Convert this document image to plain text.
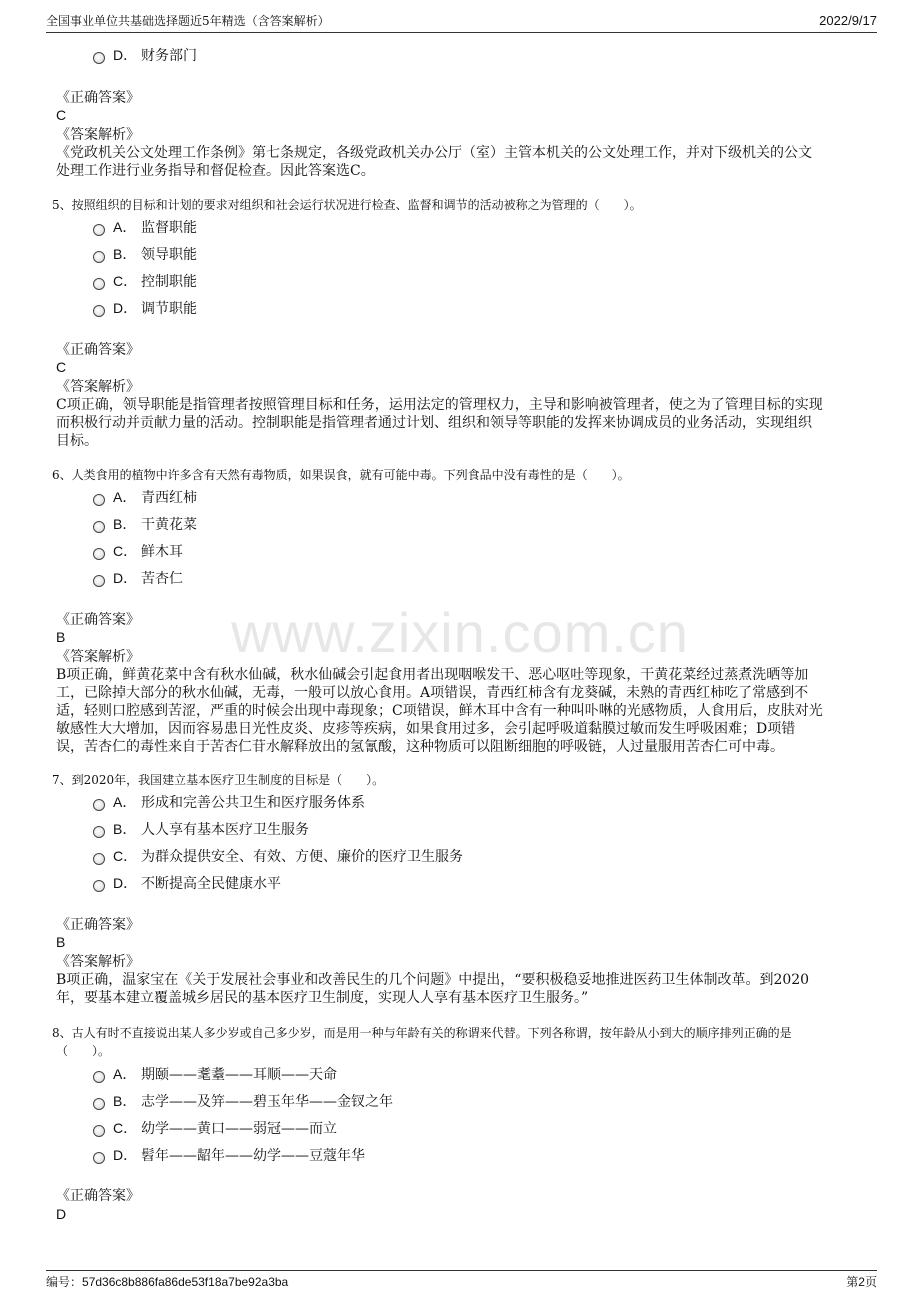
全国事业单位共基础选择题近5年精选（含答案解析）	2022/9/17
www.zixin.com.cn
D． 财务部门
《正确答案》
C
《答案解析》
《党政机关公文处理工作条例》第七条规定，各级党政机关办公厅（室）主管本机关的公文处理工作，并对下级机关的公文
处理工作进行业务指导和督促检查。因此答案选C。
5、按照组织的目标和计划的要求对组织和社会运行状况进行检查、监督和调节的活动被称之为管理的（　　）。
A． 监督职能
B． 领导职能
C． 控制职能
D． 调节职能
《正确答案》
C
《答案解析》
C项正确，领导职能是指管理者按照管理目标和任务，运用法定的管理权力，主导和影响被管理者，使之为了管理目标的实现
而积极行动并贡献力量的活动。控制职能是指管理者通过计划、组织和领导等职能的发挥来协调成员的业务活动，实现组织
目标。
6、人类食用的植物中许多含有天然有毒物质，如果误食，就有可能中毒。下列食品中没有毒性的是（　　）。
A． 青西红柿
B． 干黄花菜
C． 鲜木耳
D． 苦杏仁
《正确答案》
B
《答案解析》
B项正确，鲜黄花菜中含有秋水仙碱，秋水仙碱会引起食用者出现咽喉发干、恶心呕吐等现象，干黄花菜经过蒸煮洗晒等加
工，已除掉大部分的秋水仙碱，无毒，一般可以放心食用。A项错误，青西红柿含有龙葵碱，未熟的青西红柿吃了常感到不
适，轻则口腔感到苦涩，严重的时候会出现中毒现象；C项错误，鲜木耳中含有一种叫卟啉的光感物质，人食用后，皮肤对光
敏感性大大增加，因而容易患日光性皮炎、皮疹等疾病，如果食用过多，会引起呼吸道黏膜过敏而发生呼吸困难；D项错
误，苦杏仁的毒性来自于苦杏仁苷水解释放出的氢氰酸，这种物质可以阻断细胞的呼吸链，人过量服用苦杏仁可中毒。
7、到2020年，我国建立基本医疗卫生制度的目标是（　　）。
A． 形成和完善公共卫生和医疗服务体系
B． 人人享有基本医疗卫生服务
C． 为群众提供安全、有效、方便、廉价的医疗卫生服务
D． 不断提高全民健康水平
《正确答案》
B
《答案解析》
B项正确，温家宝在《关于发展社会事业和改善民生的几个问题》中提出，“要积极稳妥地推进医药卫生体制改革。到2020
年，要基本建立覆盖城乡居民的基本医疗卫生制度，实现人人享有基本医疗卫生服务。”
8、古人有时不直接说出某人多少岁或自己多少岁，而是用一种与年龄有关的称谓来代替。下列各称谓，按年龄从小到大的顺序排列正确的是
（　　）。
A． 期颐——耄耋——耳顺——天命
B． 志学——及笄——碧玉年华——金钗之年
C． 幼学——黄口——弱冠——而立
D． 髫年——龆年——幼学——豆蔻年华
《正确答案》
D
编号：57d36c8b886fa86de53f18a7be92a3ba	第2页
